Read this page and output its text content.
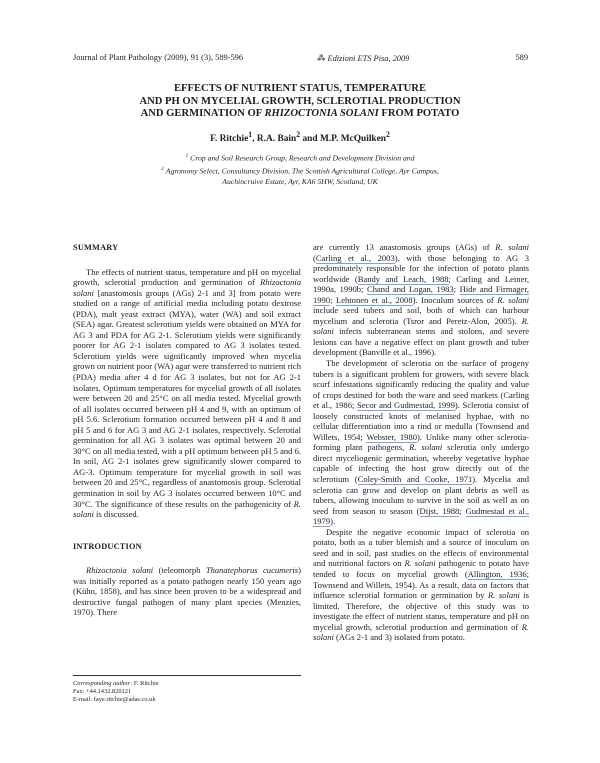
Journal of Plant Pathology (2009), 91 (3), 589-596	⁂ Edizioni ETS Pisa, 2009	589
EFFECTS OF NUTRIENT STATUS, TEMPERATURE
AND PH ON MYCELIAL GROWTH, SCLEROTIAL PRODUCTION
AND GERMINATION OF RHIZOCTONIA SOLANI FROM POTATO
F. Ritchie$^1$, R.A. Bain$^2$ and M.P. McQuilken$^2$
$^1$ Crop and Soil Research Group, Research and Development Division and
$^2$ Agronomy Select, Consultancy Division, The Scottish Agricultural College, Ayr Campus,
Auchincruive Estate, Ayr, KA6 5HW, Scotland, UK
SUMMARY

The effects of nutrient status, temperature and pH on mycelial growth, sclerotial production and germination of Rhizoctonia solani [anastomosis groups (AGs) 2-1 and 3] from potato were studied on a range of artificial media including potato dextrose (PDA), malt yeast extract (MYA), water (WA) and soil extract (SEA) agar. Greatest sclerotium yields were obtained on MYA for AG 3 and PDA for AG 2-1. Sclerotium yields were significantly poorer for AG 2-1 isolates compared to AG 3 isolates tested. Sclerotium yields were significantly improved when mycelia grown on nutrient poor (WA) agar were transferred to nutrient rich (PDA) media after 4 d for AG 3 isolates, but not for AG 2-1 isolates. Optimum temperatures for mycelial growth of all isolates were between 20 and 25°C on all media tested. Mycelial growth of all isolates occurred between pH 4 and 9, with an optimum of pH 5.6. Sclerotium formation occurred between pH 4 and 8 and pH 5 and 6 for AG 3 and AG 2-1 isolates, respectively. Sclerotial germination for all AG 3 isolates was optimal between 20 and 30°C on all media tested, with a pH optimum between pH 5 and 6. In soil, AG 2-1 isolates grew significantly slower compared to AG-3. Optimum temperature for mycelial growth in soil was between 20 and 25°C, regardless of anastomosis group. Sclerotial germination in soil by AG 3 isolates occurred between 10°C and 30°C. The significance of these results on the pathogenicity of R. solani is discussed.

INTRODUCTION

Rhizoctonia solani (teleomorph Thanatephorus cucumeris) was initially reported as a potato pathogen nearly 150 years ago (Kühn, 1858), and has since been proven to be a widespread and destructive fungal pathogen of many plant species (Menzies, 1970). There

Corresponding author: F. Ritchie
Fax: +44.1432.820121
E-mail: faye.ritchie@adas.co.uk

are currently 13 anastomosis groups (AGs) of R. solani (Carling et al., 2003), with those belonging to AG 3 predominately responsible for the infection of potato plants worldwide (Bandy and Leach, 1988; Carling and Leiner, 1990a, 1990b; Chand and Logan, 1983; Hide and Firmager, 1990; Lehtonen et al., 2008). Inoculum sources of R. solani include seed tubers and soil, both of which can harbour mycelium and sclerotia (Tsror and Peretz-Alon, 2005). R. solani infects subterranean stems and stolons, and severe lesions can have a negative effect on plant growth and tuber development (Banville et al., 1996).

The development of sclerotia on the surface of progeny tubers is a significant problem for growers, with severe black scurf infestations significantly reducing the quality and value of crops destined for both the ware and seed markets (Carling et al., 1986; Secor and Gudmestad, 1999). Sclerotia consist of loosely constructed knots of melanised hyphae, with no cellular differentiation into a rind or medulla (Townsend and Willets, 1954; Webster, 1980). Unlike many other sclerotia-forming plant pathogens, R. solani sclerotia only undergo direct myceliogenic germination, whereby vegetative hyphae capable of infecting the host grow directly out of the sclerotium (Coley-Smith and Cooke, 1971). Mycelia and sclerotia can grow and develop on plant debris as well as tubers, allowing inoculum to survive in the soil as well as on seed from season to season (Dijst, 1988; Gudmestad et al., 1979).

Despite the negative economic impact of sclerotia on potato, both as a tuber blemish and a source of inoculum on seed and in soil, past studies on the effects of environmental and nutritional factors on R. solani pathogenic to potato have tended to focus on mycelial growth (Allington, 1936; Townsend and Willets, 1954). As a result, data on factors that influence sclerotial formation or germination by R. solani is limited. Therefore, the objective of this study was to investigate the effect of nutrient status, temperature and pH on mycelial growth, sclerotial production and germination of R. solani (AGs 2-1 and 3) isolated from potato.
